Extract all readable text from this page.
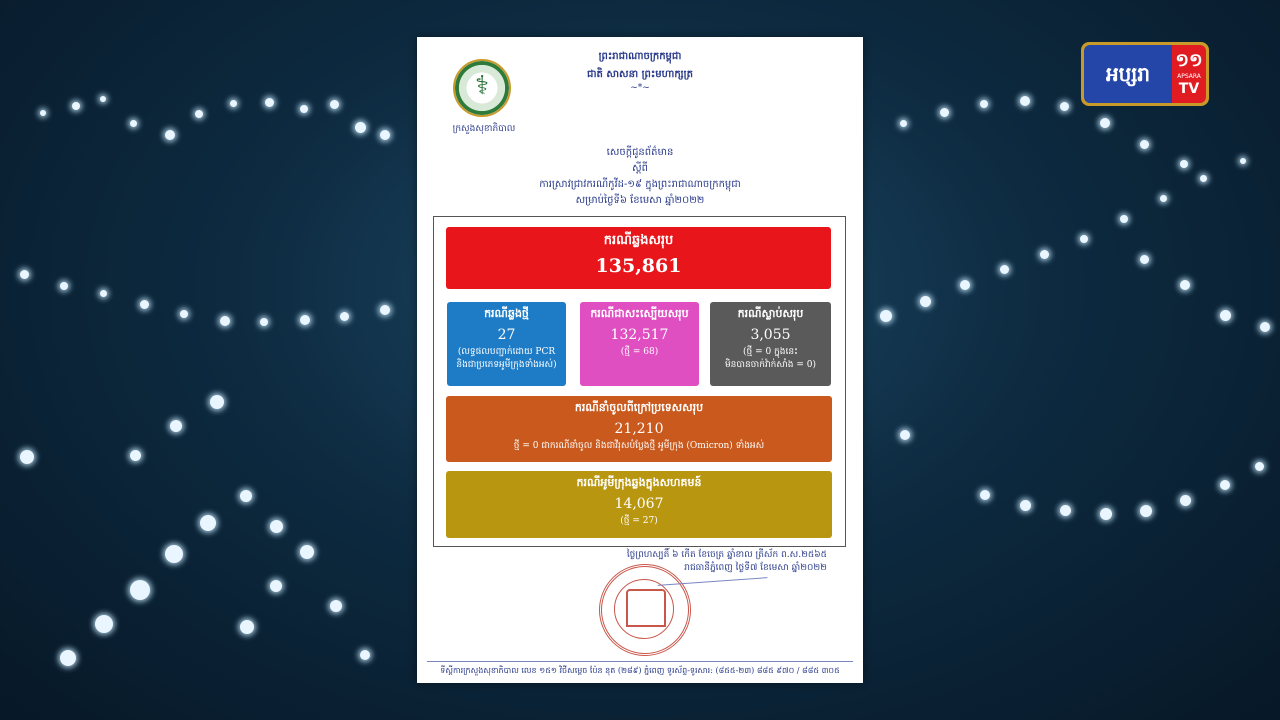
ព្រះរាជាណាចក្រកម្ពុជា
ជាតិ សាសនា ព្រះមហាក្សត្រ
~*~
⚕
ក្រសួងសុខាភិបាល
សេចក្ដីជូនព័ត៌មាន
ស្ដីពី
ការស្រាវជ្រាវករណីកូវីដ-១៩ ក្នុងព្រះរាជាណាចក្រកម្ពុជា
សម្រាប់ថ្ងៃទី៦ ខែមេសា ឆ្នាំ២០២២
ករណីឆ្លងសរុប
135,861
ករណីឆ្លងថ្មី
27
(លទ្ធផលបញ្ជាក់ដោយ PCR
និងជាប្រភេទអូមីក្រុងទាំងអស់)
ករណីជាសះស្បើយសរុប
132,517
(ថ្មី = 68)
ករណីស្លាប់សរុប
3,055
(ថ្មី = 0 ក្នុងនេះ
មិនបានចាក់វ៉ាក់សាំង = 0)
ករណីនាំចូលពីក្រៅប្រទេសសរុប
21,210
ថ្មី = 0 ជាករណីនាំចូល និងជាវីរុសបំប្លែងថ្មី អូមីក្រុង (Omicron) ទាំងអស់
ករណីអូមីក្រុងឆ្លងក្នុងសហគមន៍
14,067
(ថ្មី = 27)
ថ្ងៃព្រហស្បតិ៍ ៦ កើត ខែចេត្រ ឆ្នាំខាល ត្រីស័ក ព.ស.២៥៦៥
រាជធានីភ្នំពេញ ថ្ងៃទី៧ ខែមេសា ឆ្នាំ២០២២
ទីស្ដីការក្រសួងសុខាភិបាល លេខ ១៥១ វិថីសម្ដេច ប៉ែន នុត (២៨៩) ភ្នំពេញ ទូរស័ព្ទ-ទូរសារ: (៨៥៥-២៣) ៨៨៥ ៩៧០ / ៨៨៥ ៣០៥
អប្សរា
១១
APSARA
TV
